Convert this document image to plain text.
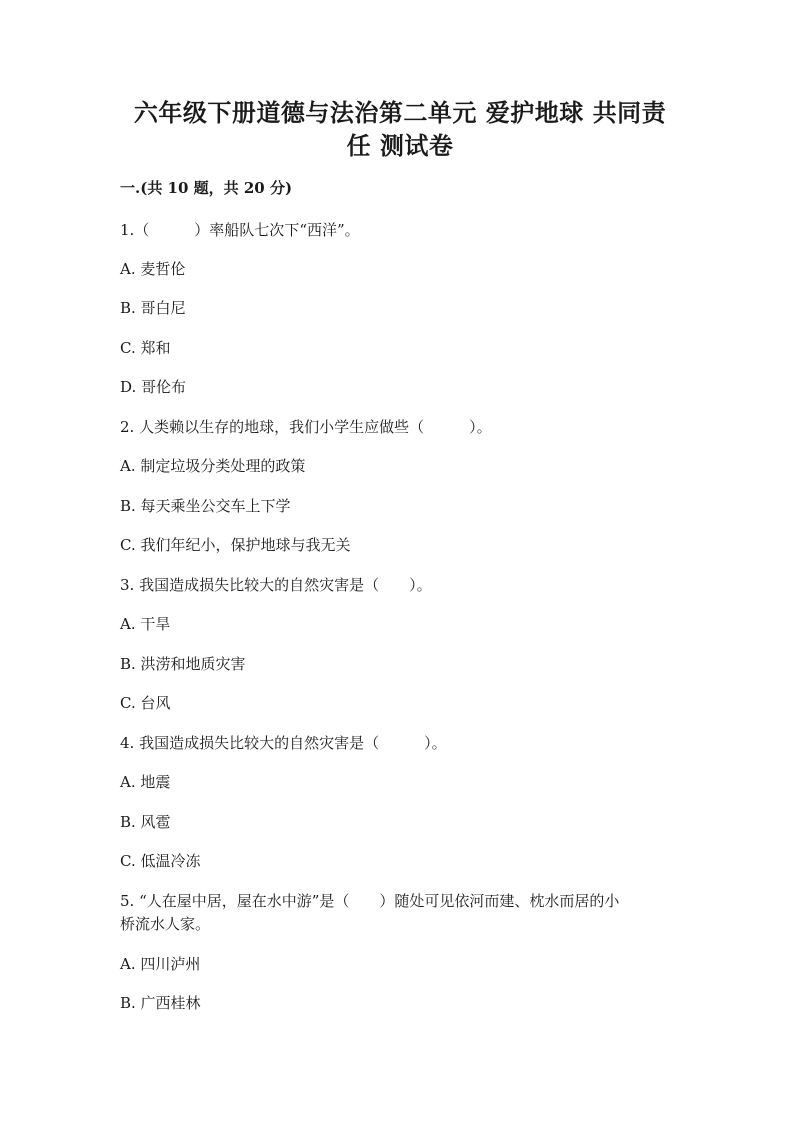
六年级下册道德与法治第二单元 爱护地球 共同责
任 测试卷
一.(共 10 题，共 20 分)
1.（　　　）率船队七次下“西洋”。
A. 麦哲伦
B. 哥白尼
C. 郑和
D. 哥伦布
2. 人类赖以生存的地球，我们小学生应做些（　　　）。
A. 制定垃圾分类处理的政策
B. 每天乘坐公交车上下学
C. 我们年纪小，保护地球与我无关
3. 我国造成损失比较大的自然灾害是（　　）。
A. 干旱
B. 洪涝和地质灾害
C. 台风
4. 我国造成损失比较大的自然灾害是（　　　）。
A. 地震
B. 风雹
C. 低温冷冻
5. “人在屋中居，屋在水中游”是（　　）随处可见依河而建、枕水而居的小
桥流水人家。
A. 四川泸州
B. 广西桂林
